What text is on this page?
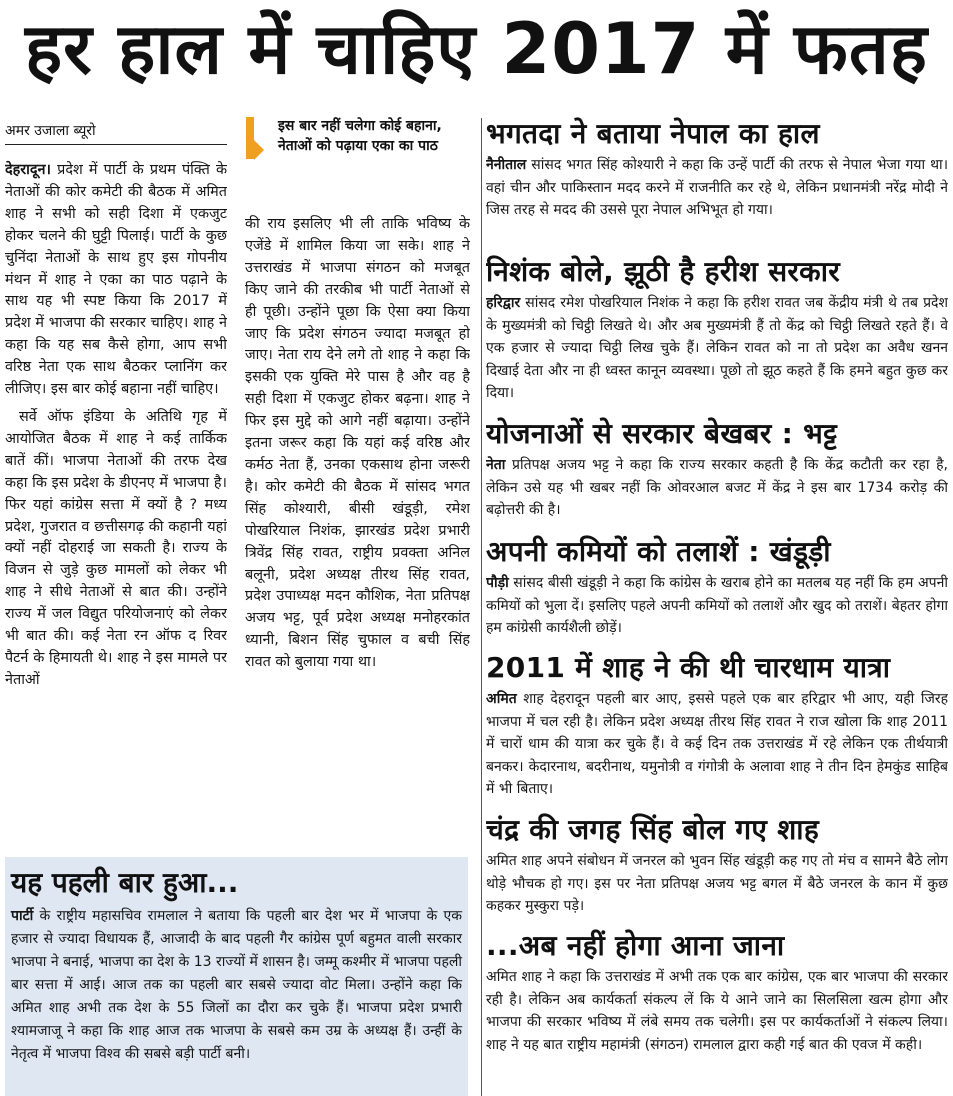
हर हाल में चाहिए 2017 में फतह
अमर उजाला ब्यूरो	इस बार नहीं चलेगा कोई बहाना, नेताओं को पढ़ाया एका का पाठ

देहरादून। प्रदेश में पार्टी के प्रथम पंक्ति के नेताओं की कोर कमेटी की बैठक में अमित शाह ने सभी को सही दिशा में एकजुट होकर चलने की घुट्टी पिलाई। पार्टी के कुछ चुनिंदा नेताओं के साथ हुए इस गोपनीय मंथन में शाह ने एका का पाठ पढ़ाने के साथ यह भी स्पष्ट किया कि 2017 में प्रदेश में भाजपा की सरकार चाहिए। शाह ने कहा कि यह सब कैसे होगा, आप सभी वरिष्ठ नेता एक साथ बैठकर प्लानिंग कर लीजिए। इस बार कोई बहाना नहीं चाहिए।

सर्वे ऑफ इंडिया के अतिथि गृह में आयोजित बैठक में शाह ने कई तार्किक बातें कीं। भाजपा नेताओं की तरफ देख कहा कि इस प्रदेश के डीएनए में भाजपा है। फिर यहां कांग्रेस सत्ता में क्यों है ? मध्य प्रदेश, गुजरात व छत्तीसगढ़ की कहानी यहां क्यों नहीं दोहराई जा सकती है। राज्य के विजन से जुड़े कुछ मामलों को लेकर भी शाह ने सीधे नेताओं से बात की। उन्होंने राज्य में जल विद्युत परियोजनाएं को लेकर भी बात की। कई नेता रन ऑफ द रिवर पैटर्न के हिमायती थे। शाह ने इस मामले पर नेताओं

की राय इसलिए भी ली ताकि भविष्य के एजेंडे में शामिल किया जा सके। शाह ने उत्तराखंड में भाजपा संगठन को मजबूत किए जाने की तरकीब भी पार्टी नेताओं से ही पूछी। उन्होंने पूछा कि ऐसा क्या किया जाए कि प्रदेश संगठन ज्यादा मजबूत हो जाए। नेता राय देने लगे तो शाह ने कहा कि इसकी एक युक्ति मेरे पास है और वह है सही दिशा में एकजुट होकर बढ़ना। शाह ने फिर इस मुद्दे को आगे नहीं बढ़ाया। उन्होंने इतना जरूर कहा कि यहां कई वरिष्ठ और कर्मठ नेता हैं, उनका एकसाथ होना जरूरी है। कोर कमेटी की बैठक में सांसद भगत सिंह कोश्यारी, बीसी खंडूड़ी, रमेश पोखरियाल निशंक, झारखंड प्रदेश प्रभारी त्रिवेंद्र सिंह रावत, राष्ट्रीय प्रवक्ता अनिल बलूनी, प्रदेश अध्यक्ष तीरथ सिंह रावत, प्रदेश उपाध्यक्ष मदन कौशिक, नेता प्रतिपक्ष अजय भट्ट, पूर्व प्रदेश अध्यक्ष मनोहरकांत ध्यानी, बिशन सिंह चुफाल व बची सिंह रावत को बुलाया गया था।

यह पहली बार हुआ...
पार्टी के राष्ट्रीय महासचिव रामलाल ने बताया कि पहली बार देश भर में भाजपा के एक हजार से ज्यादा विधायक हैं, आजादी के बाद पहली गैर कांग्रेस पूर्ण बहुमत वाली सरकार भाजपा ने बनाई, भाजपा का देश के 13 राज्यों में शासन है। जम्मू कश्मीर में भाजपा पहली बार सत्ता में आई। आज तक का पहली बार सबसे ज्यादा वोट मिला। उन्होंने कहा कि अमित शाह अभी तक देश के 55 जिलों का दौरा कर चुके हैं। भाजपा प्रदेश प्रभारी श्यामजाजू ने कहा कि शाह आज तक भाजपा के सबसे कम उम्र के अध्यक्ष हैं। उन्हीं के नेतृत्व में भाजपा विश्व की सबसे बड़ी पार्टी बनी।
भगतदा ने बताया नेपाल का हाल
नैनीताल सांसद भगत सिंह कोश्यारी ने कहा कि उन्हें पार्टी की तरफ से नेपाल भेजा गया था। वहां चीन और पाकिस्तान मदद करने में राजनीति कर रहे थे, लेकिन प्रधानमंत्री नरेंद्र मोदी ने जिस तरह से मदद की उससे पूरा नेपाल अभिभूत हो गया।
निशंक बोले, झूठी है हरीश सरकार
हरिद्वार सांसद रमेश पोखरियाल निशंक ने कहा कि हरीश रावत जब केंद्रीय मंत्री थे तब प्रदेश के मुख्यमंत्री को चिट्ठी लिखते थे। और अब मुख्यमंत्री हैं तो केंद्र को चिट्ठी लिखते रहते हैं। वे एक हजार से ज्यादा चिट्ठी लिख चुके हैं। लेकिन रावत को ना तो प्रदेश का अवैध खनन दिखाई देता और ना ही ध्वस्त कानून व्यवस्था। पूछो तो झूठ कहते हैं कि हमने बहुत कुछ कर दिया।
योजनाओं से सरकार बेखबर : भट्ट
नेता प्रतिपक्ष अजय भट्ट ने कहा कि राज्य सरकार कहती है कि केंद्र कटौती कर रहा है, लेकिन उसे यह भी खबर नहीं कि ओवरआल बजट में केंद्र ने इस बार 1734 करोड़ की बढ़ोत्तरी की है।
अपनी कमियों को तलाशें : खंडूड़ी
पौड़ी सांसद बीसी खंडूड़ी ने कहा कि कांग्रेस के खराब होने का मतलब यह नहीं कि हम अपनी कमियों को भुला दें। इसलिए पहले अपनी कमियों को तलाशें और खुद को तराशें। बेहतर होगा हम कांग्रेसी कार्यशैली छोड़ें।
2011 में शाह ने की थी चारधाम यात्रा
अमित शाह देहरादून पहली बार आए, इससे पहले एक बार हरिद्वार भी आए, यही जिरह भाजपा में चल रही है। लेकिन प्रदेश अध्यक्ष तीरथ सिंह रावत ने राज खोला कि शाह 2011 में चारों धाम की यात्रा कर चुके हैं। वे कई दिन तक उत्तराखंड में रहे लेकिन एक तीर्थयात्री बनकर। केदारनाथ, बदरीनाथ, यमुनोत्री व गंगोत्री के अलावा शाह ने तीन दिन हेमकुंड साहिब में भी बिताए।
चंद्र की जगह सिंह बोल गए शाह
अमित शाह अपने संबोधन में जनरल को भुवन सिंह खंडूड़ी कह गए तो मंच व सामने बैठे लोग थोड़े भौचक हो गए। इस पर नेता प्रतिपक्ष अजय भट्ट बगल में बैठे जनरल के कान में कुछ कहकर मुस्कुरा पड़े।
...अब नहीं होगा आना जाना
अमित शाह ने कहा कि उत्तराखंड में अभी तक एक बार कांग्रेस, एक बार भाजपा की सरकार रही है। लेकिन अब कार्यकर्ता संकल्प लें कि ये आने जाने का सिलसिला खत्म होगा और भाजपा की सरकार भविष्य में लंबे समय तक चलेगी। इस पर कार्यकर्ताओं ने संकल्प लिया। शाह ने यह बात राष्ट्रीय महामंत्री (संगठन) रामलाल द्वारा कही गई बात की एवज में कही।
